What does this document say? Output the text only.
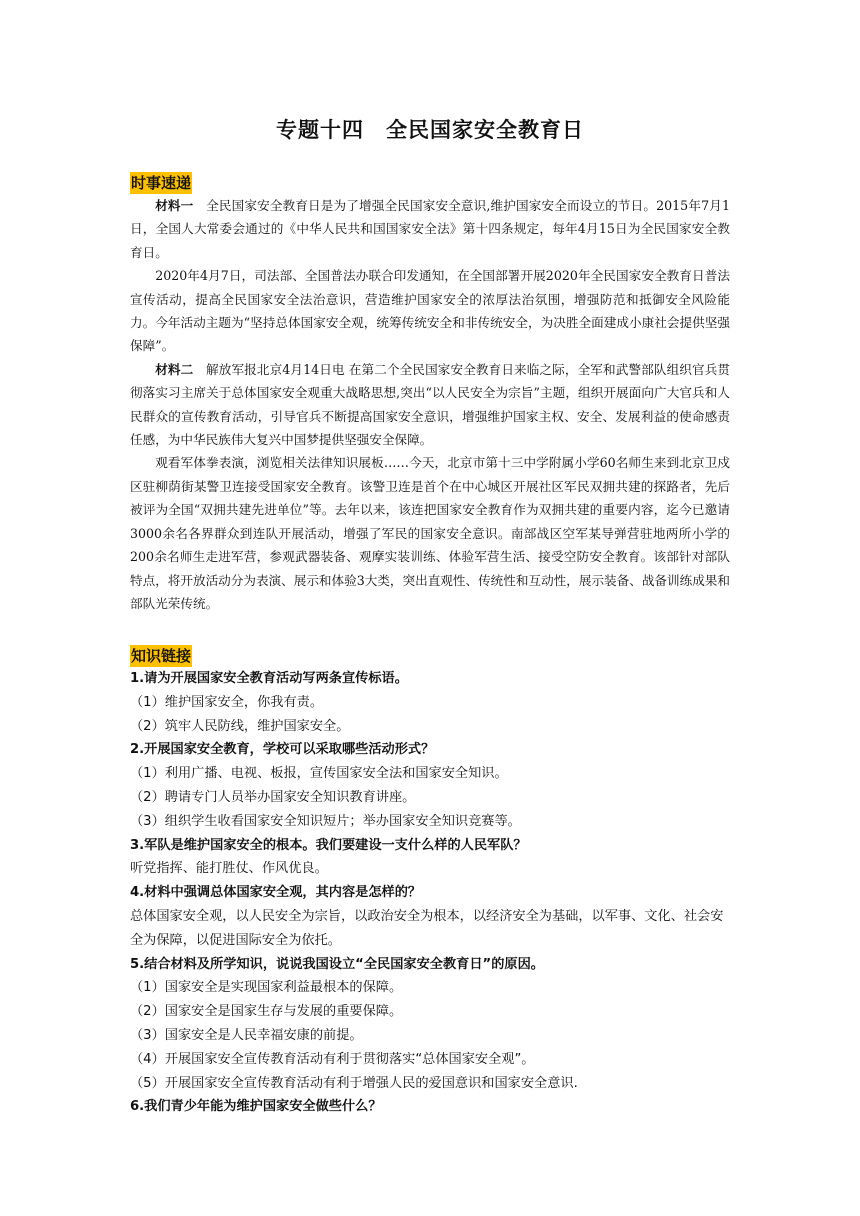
专题十四　全民国家安全教育日
时事速递

材料一　全民国家安全教育日是为了增强全民国家安全意识,维护国家安全而设立的节日。2015年7月1日，全国人大常委会通过的《中华人民共和国国家安全法》第十四条规定，每年4月15日为全民国家安全教育日。

2020年4月7日，司法部、全国普法办联合印发通知，在全国部署开展2020年全民国家安全教育日普法宣传活动，提高全民国家安全法治意识，营造维护国家安全的浓厚法治氛围，增强防范和抵御安全风险能力。今年活动主题为“坚持总体国家安全观，统筹传统安全和非传统安全，为决胜全面建成小康社会提供坚强保障”。

材料二　解放军报北京4月14日电 在第二个全民国家安全教育日来临之际，全军和武警部队组织官兵贯彻落实习主席关于总体国家安全观重大战略思想,突出“以人民安全为宗旨”主题，组织开展面向广大官兵和人民群众的宣传教育活动，引导官兵不断提高国家安全意识，增强维护国家主权、安全、发展利益的使命感责任感，为中华民族伟大复兴中国梦提供坚强安全保障。

观看军体拳表演，浏览相关法律知识展板……今天，北京市第十三中学附属小学60名师生来到北京卫戍区驻柳荫街某警卫连接受国家安全教育。该警卫连是首个在中心城区开展社区军民双拥共建的探路者，先后被评为全国“双拥共建先进单位”等。去年以来，该连把国家安全教育作为双拥共建的重要内容，迄今已邀请3000余名各界群众到连队开展活动，增强了军民的国家安全意识。南部战区空军某导弹营驻地两所小学的200余名师生走进军营，参观武器装备、观摩实装训练、体验军营生活、接受空防安全教育。该部针对部队特点，将开放活动分为表演、展示和体验3大类，突出直观性、传统性和互动性，展示装备、战备训练成果和部队光荣传统。

知识链接

1.请为开展国家安全教育活动写两条宣传标语。

（1）维护国家安全，你我有责。

（2）筑牢人民防线，维护国家安全。

2.开展国家安全教育，学校可以采取哪些活动形式？

（1）利用广播、电视、板报，宣传国家安全法和国家安全知识。

（2）聘请专门人员举办国家安全知识教育讲座。

（3）组织学生收看国家安全知识短片；举办国家安全知识竞赛等。

3.军队是维护国家安全的根本。我们要建设一支什么样的人民军队？

听党指挥、能打胜仗、作风优良。

4.材料中强调总体国家安全观，其内容是怎样的？

总体国家安全观，以人民安全为宗旨，以政治安全为根本，以经济安全为基础，以军事、文化、社会安全为保障，以促进国际安全为依托。

5.结合材料及所学知识，说说我国设立“全民国家安全教育日”的原因。

（1）国家安全是实现国家利益最根本的保障。

（2）国家安全是国家生存与发展的重要保障。

（3）国家安全是人民幸福安康的前提。

（4）开展国家安全宣传教育活动有利于贯彻落实“总体国家安全观”。

（5）开展国家安全宣传教育活动有利于增强人民的爱国意识和国家安全意识.

6.我们青少年能为维护国家安全做些什么？
